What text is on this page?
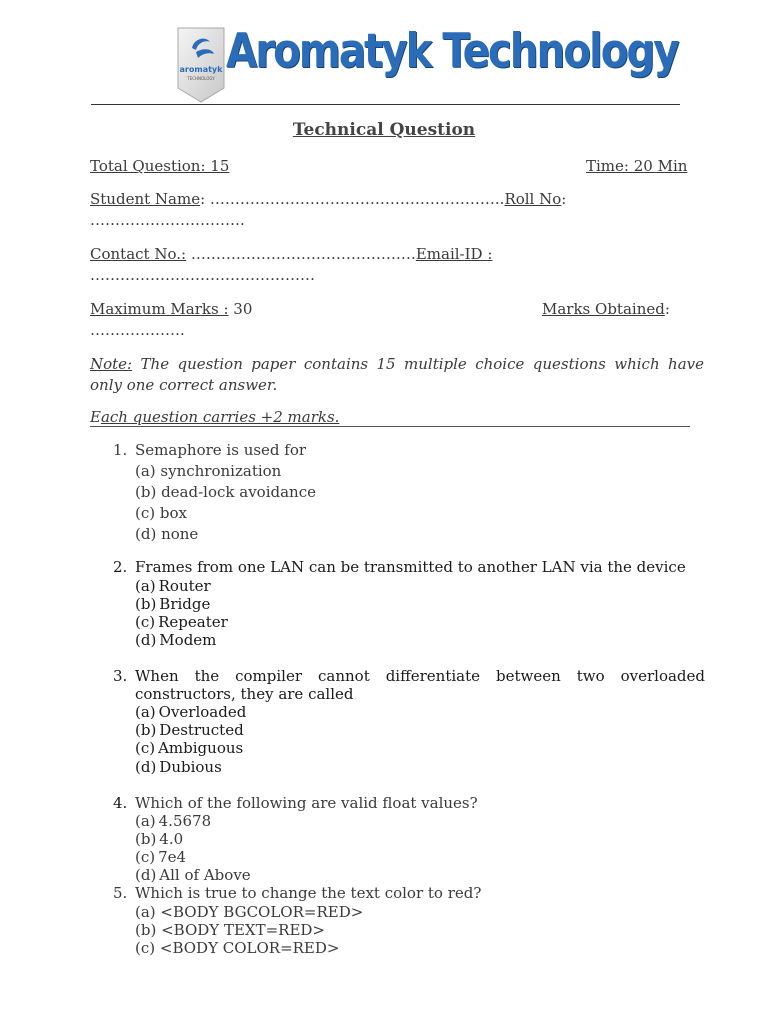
aromatyk
TECHNOLOGY Aromatyk Technology
Technical Question
Total Question: 15	Time: 20 Min
Student Name: …………………………………………………..Roll No:
………………………….
Contact No.: ………………………………………Email-ID :
………………………………………
Maximum Marks : 30	Marks Obtained:
……………….
Note: The question paper contains 15 multiple choice questions which have only one correct answer.
Each question carries +2 marks.
1. Semaphore is used for
(a) synchronization
(b) dead-lock avoidance
(c) box
(d) none
2. Frames from one LAN can be transmitted to another LAN via the device
(a) Router
(b) Bridge
(c) Repeater
(d) Modem
3. When the compiler cannot differentiate between two overloaded
constructors, they are called
(a) Overloaded
(b) Destructed
(c) Ambiguous
(d) Dubious
4. Which of the following are valid float values?
(a) 4.5678
(b) 4.0
(c) 7e4
(d) All of Above
5. Which is true to change the text color to red?
(a) <BODY BGCOLOR=RED>
(b) <BODY TEXT=RED>
(c) <BODY COLOR=RED>
